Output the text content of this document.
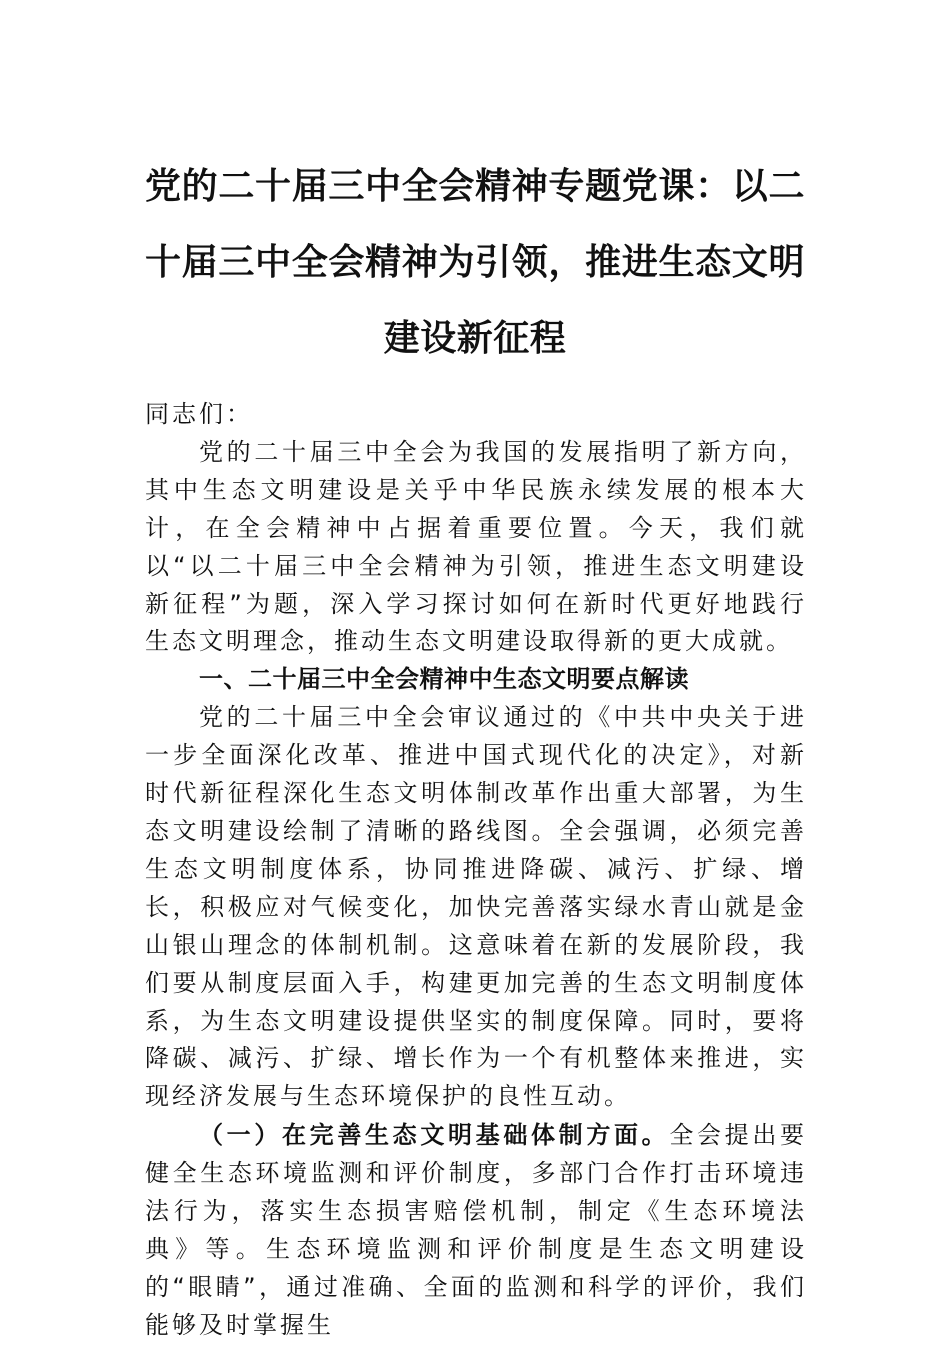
党的二十届三中全会精神专题党课：以二十届三中全会精神为引领，推进生态文明建设新征程

同志们：

党的二十届三中全会为我国的发展指明了新方向，其中生态文明建设是关乎中华民族永续发展的根本大计，在全会精神中占据着重要位置。今天，我们就以“以二十届三中全会精神为引领，推进生态文明建设新征程”为题，深入学习探讨如何在新时代更好地践行生态文明理念，推动生态文明建设取得新的更大成就。

一、二十届三中全会精神中生态文明要点解读

党的二十届三中全会审议通过的《中共中央关于进一步全面深化改革、推进中国式现代化的决定》，对新时代新征程深化生态文明体制改革作出重大部署，为生态文明建设绘制了清晰的路线图。全会强调，必须完善生态文明制度体系，协同推进降碳、减污、扩绿、增长，积极应对气候变化，加快完善落实绿水青山就是金山银山理念的体制机制。这意味着在新的发展阶段，我们要从制度层面入手，构建更加完善的生态文明制度体系，为生态文明建设提供坚实的制度保障。同时，要将降碳、减污、扩绿、增长作为一个有机整体来推进，实现经济发展与生态环境保护的良性互动。

（一）在完善生态文明基础体制方面。全会提出要健全生态环境监测和评价制度，多部门合作打击环境违法行为，落实生态损害赔偿机制，制定《生态环境法典》等。生态环境监测和评价制度是生态文明建设的“眼睛”，通过准确、全面的监测和科学的评价，我们能够及时掌握生
